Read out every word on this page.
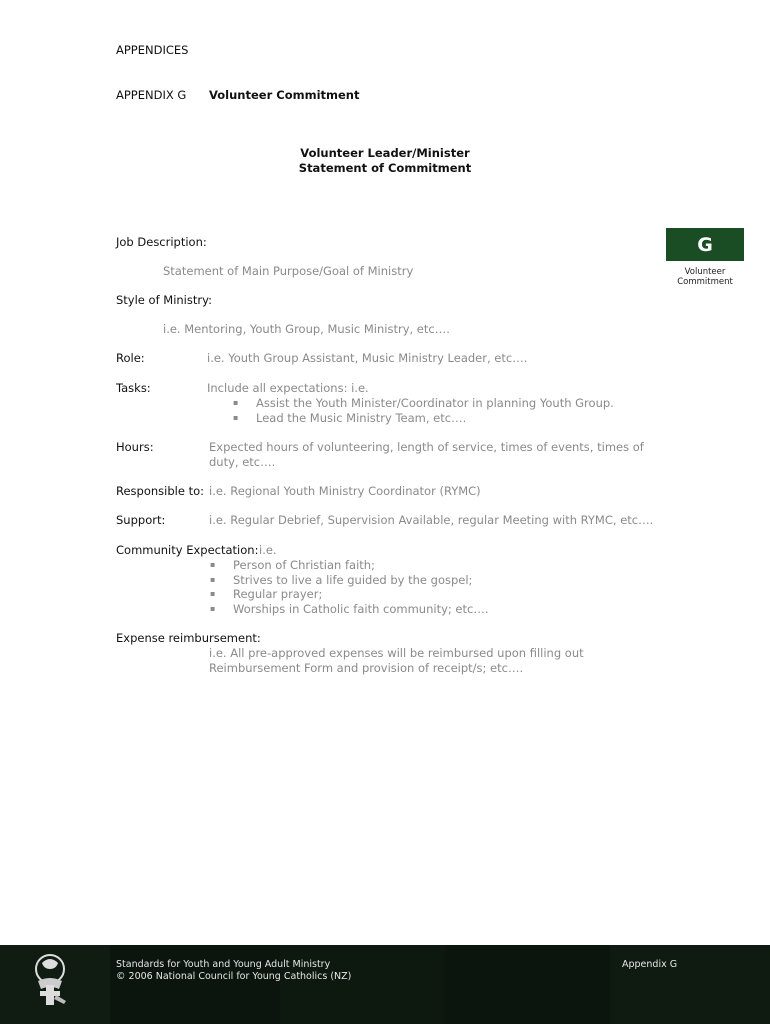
APPENDICES
APPENDIX G Volunteer Commitment
Volunteer Leader/Minister
Statement of Commitment
G
Volunteer
Commitment
Job Description:
Statement of Main Purpose/Goal of Ministry
Style of Ministry:
i.e. Mentoring, Youth Group, Music Ministry, etc….
Role:	i.e. Youth Group Assistant, Music Ministry Leader, etc….
Tasks:	Include all expectations: i.e.
▪ Assist the Youth Minister/Coordinator in planning Youth Group.
▪ Lead the Music Ministry Team, etc….
Hours:	Expected hours of volunteering, length of service, times of events, times of
duty, etc….
Responsible to: i.e. Regional Youth Ministry Coordinator (RYMC)
Support:	i.e. Regular Debrief, Supervision Available, regular Meeting with RYMC, etc….
Community Expectation: i.e.
▪ Person of Christian faith;
▪ Strives to live a life guided by the gospel;
▪ Regular prayer;
▪ Worships in Catholic faith community; etc….
Expense reimbursement:
i.e. All pre-approved expenses will be reimbursed upon filling out
Reimbursement Form and provision of receipt/s; etc….
Standards for Youth and Young Adult Ministry
© 2006 National Council for Young Catholics (NZ)
Appendix G
